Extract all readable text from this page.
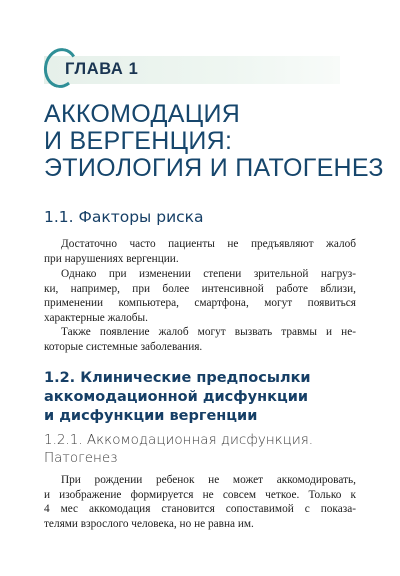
ГЛАВА 1
АККОМОДАЦИЯ
И ВЕРГЕНЦИЯ:
ЭТИОЛОГИЯ И ПАТОГЕНЕЗ
1.1. Факторы риска
Достаточно часто пациенты не предъявляют жалоб
при нарушениях вергенции.
Однако при изменении степени зрительной нагруз-
ки, например, при более интенсивной работе вблизи,
применении компьютера, смартфона, могут появиться
характерные жалобы.
Также появление жалоб могут вызвать травмы и не-
которые системные заболевания.
1.2. Клинические предпосылки
аккомодационной дисфункции
и дисфункции вергенции
1.2.1. Аккомодационная дисфункция.
Патогенез
При рождении ребенок не может аккомодировать,
и изображение формируется не совсем четкое. Только к
4 мес аккомодация становится сопоставимой с показа-
телями взрослого человека, но не равна им.
